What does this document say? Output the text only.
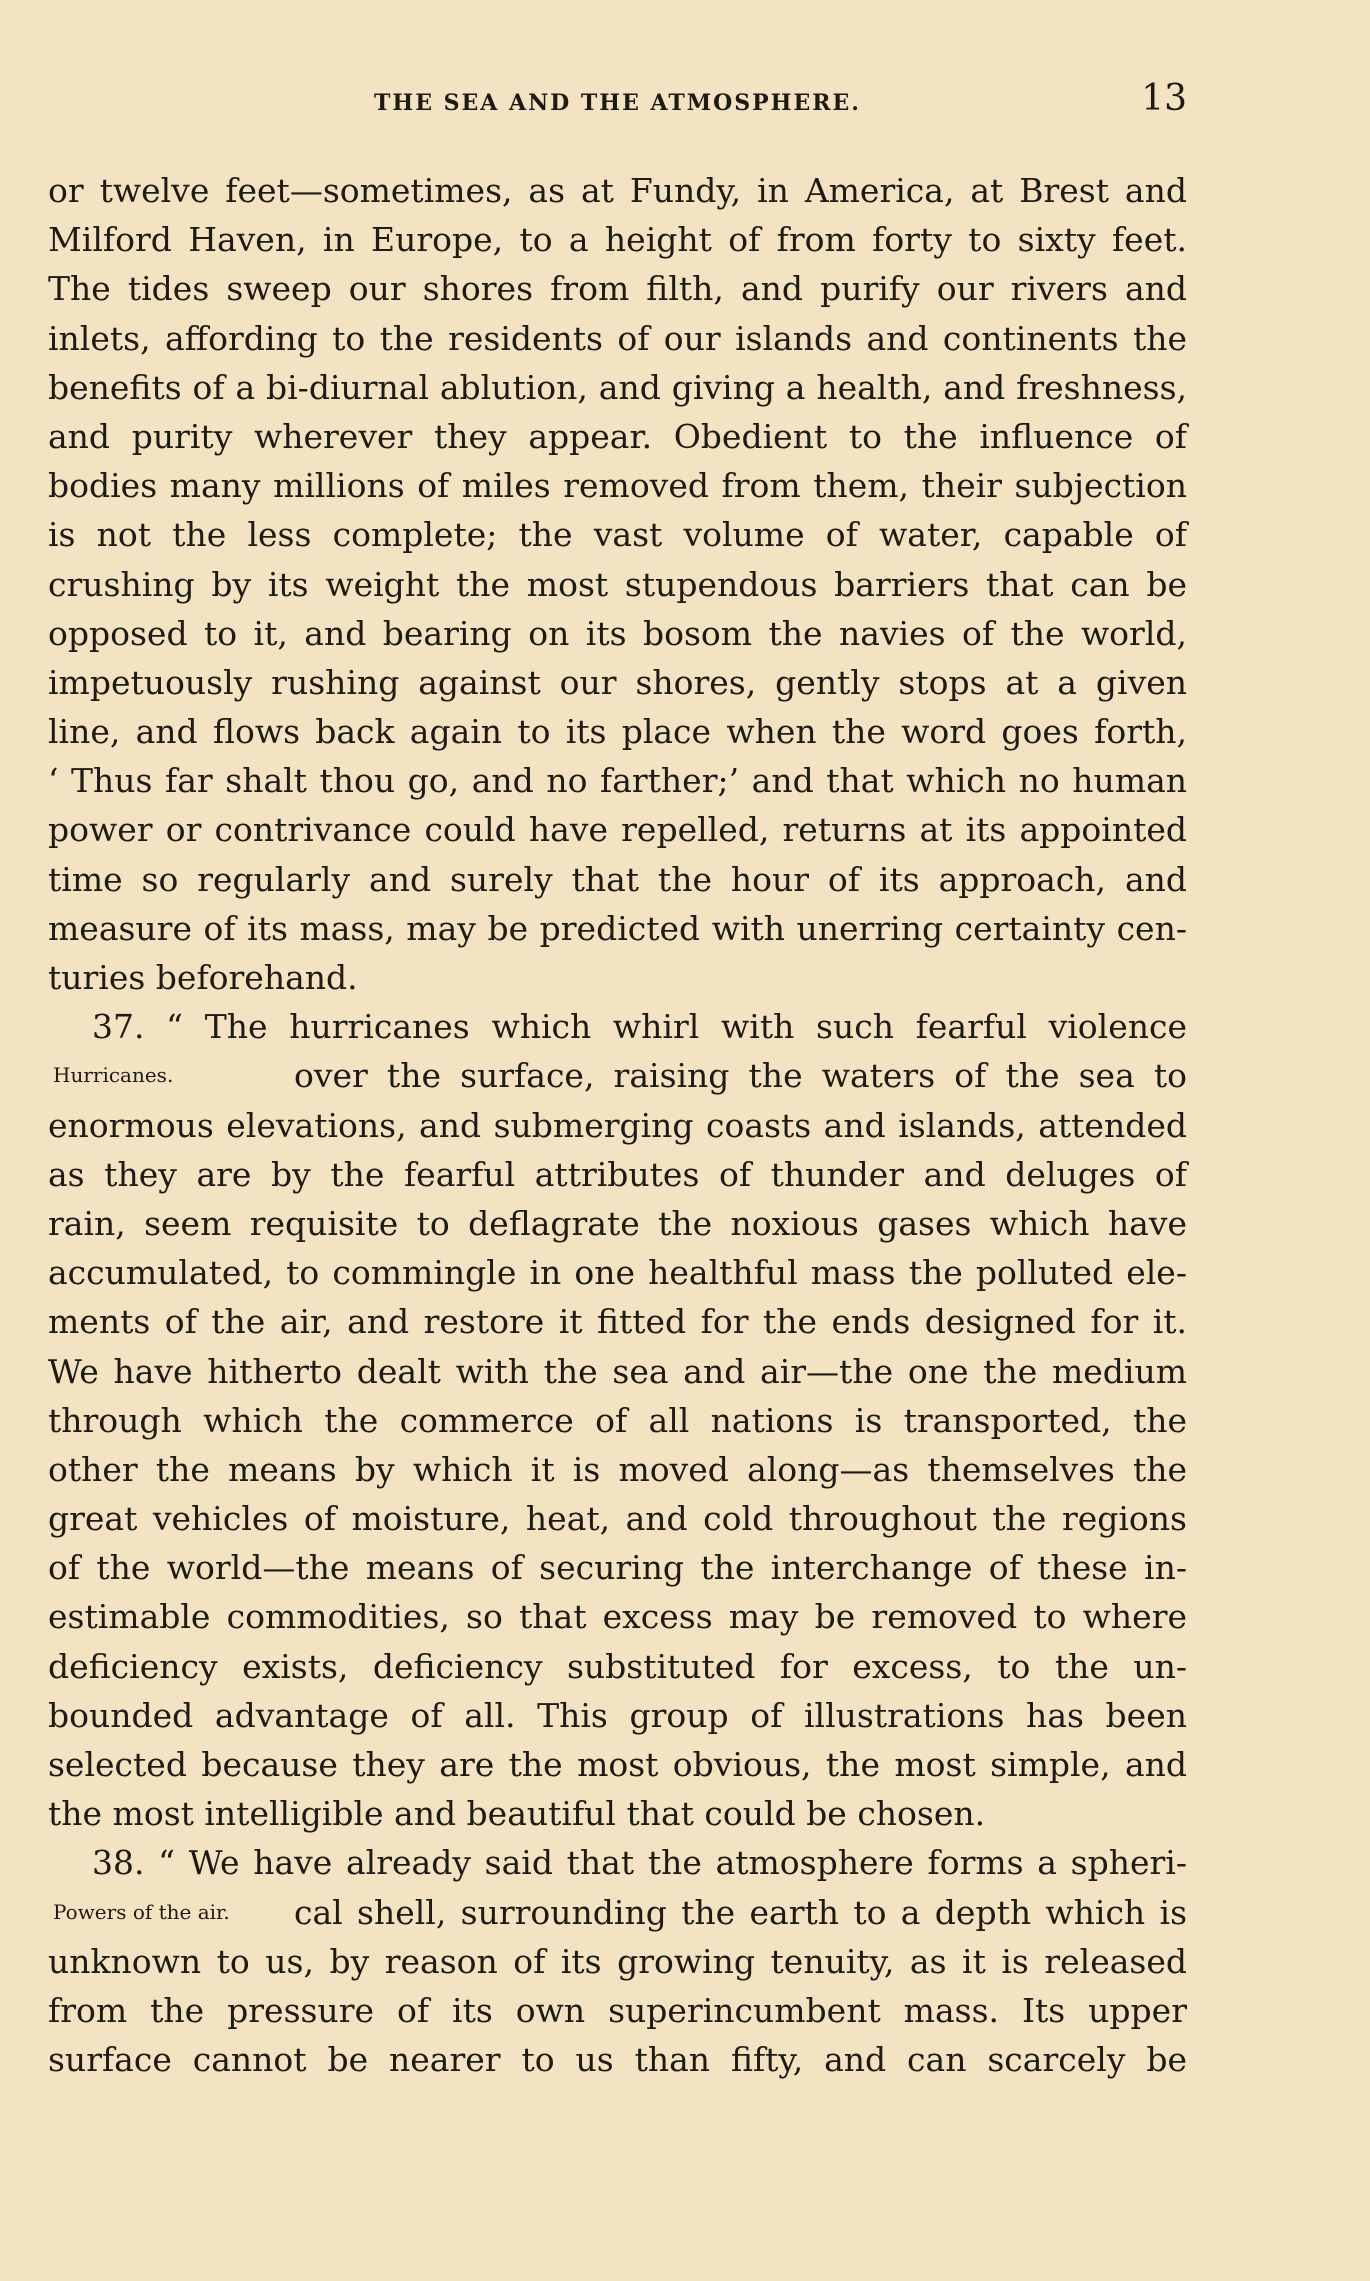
THE SEA AND THE ATMOSPHERE.	13
or twelve feet—sometimes, as at Fundy, in America, at Brest and
Milford Haven, in Europe, to a height of from forty to sixty feet.
The tides sweep our shores from filth, and purify our rivers and
inlets, affording to the residents of our islands and continents the
benefits of a bi-diurnal ablution, and giving a health, and freshness,
and purity wherever they appear. Obedient to the influence of
bodies many millions of miles removed from them, their subjection
is not the less complete; the vast volume of water, capable of
crushing by its weight the most stupendous barriers that can be
opposed to it, and bearing on its bosom the navies of the world,
impetuously rushing against our shores, gently stops at a given
line, and flows back again to its place when the word goes forth,
‘ Thus far shalt thou go, and no farther;’ and that which no human
power or contrivance could have repelled, returns at its appointed
time so regularly and surely that the hour of its approach, and
measure of its mass, may be predicted with unerring certainty cen-
turies beforehand.
37. “ The hurricanes which whirl with such fearful violence
Hurricanes.	over the surface, raising the waters of the sea to
enormous elevations, and submerging coasts and islands, attended
as they are by the fearful attributes of thunder and deluges of
rain, seem requisite to deflagrate the noxious gases which have
accumulated, to commingle in one healthful mass the polluted ele-
ments of the air, and restore it fitted for the ends designed for it.
We have hitherto dealt with the sea and air—the one the medium
through which the commerce of all nations is transported, the
other the means by which it is moved along—as themselves the
great vehicles of moisture, heat, and cold throughout the regions
of the world—the means of securing the interchange of these in-
estimable commodities, so that excess may be removed to where
deficiency exists, deficiency substituted for excess, to the un-
bounded advantage of all. This group of illustrations has been
selected because they are the most obvious, the most simple, and
the most intelligible and beautiful that could be chosen.
38. “ We have already said that the atmosphere forms a spheri-
Powers of the air.	cal shell, surrounding the earth to a depth which is
unknown to us, by reason of its growing tenuity, as it is released
from the pressure of its own superincumbent mass. Its upper
surface cannot be nearer to us than fifty, and can scarcely be
